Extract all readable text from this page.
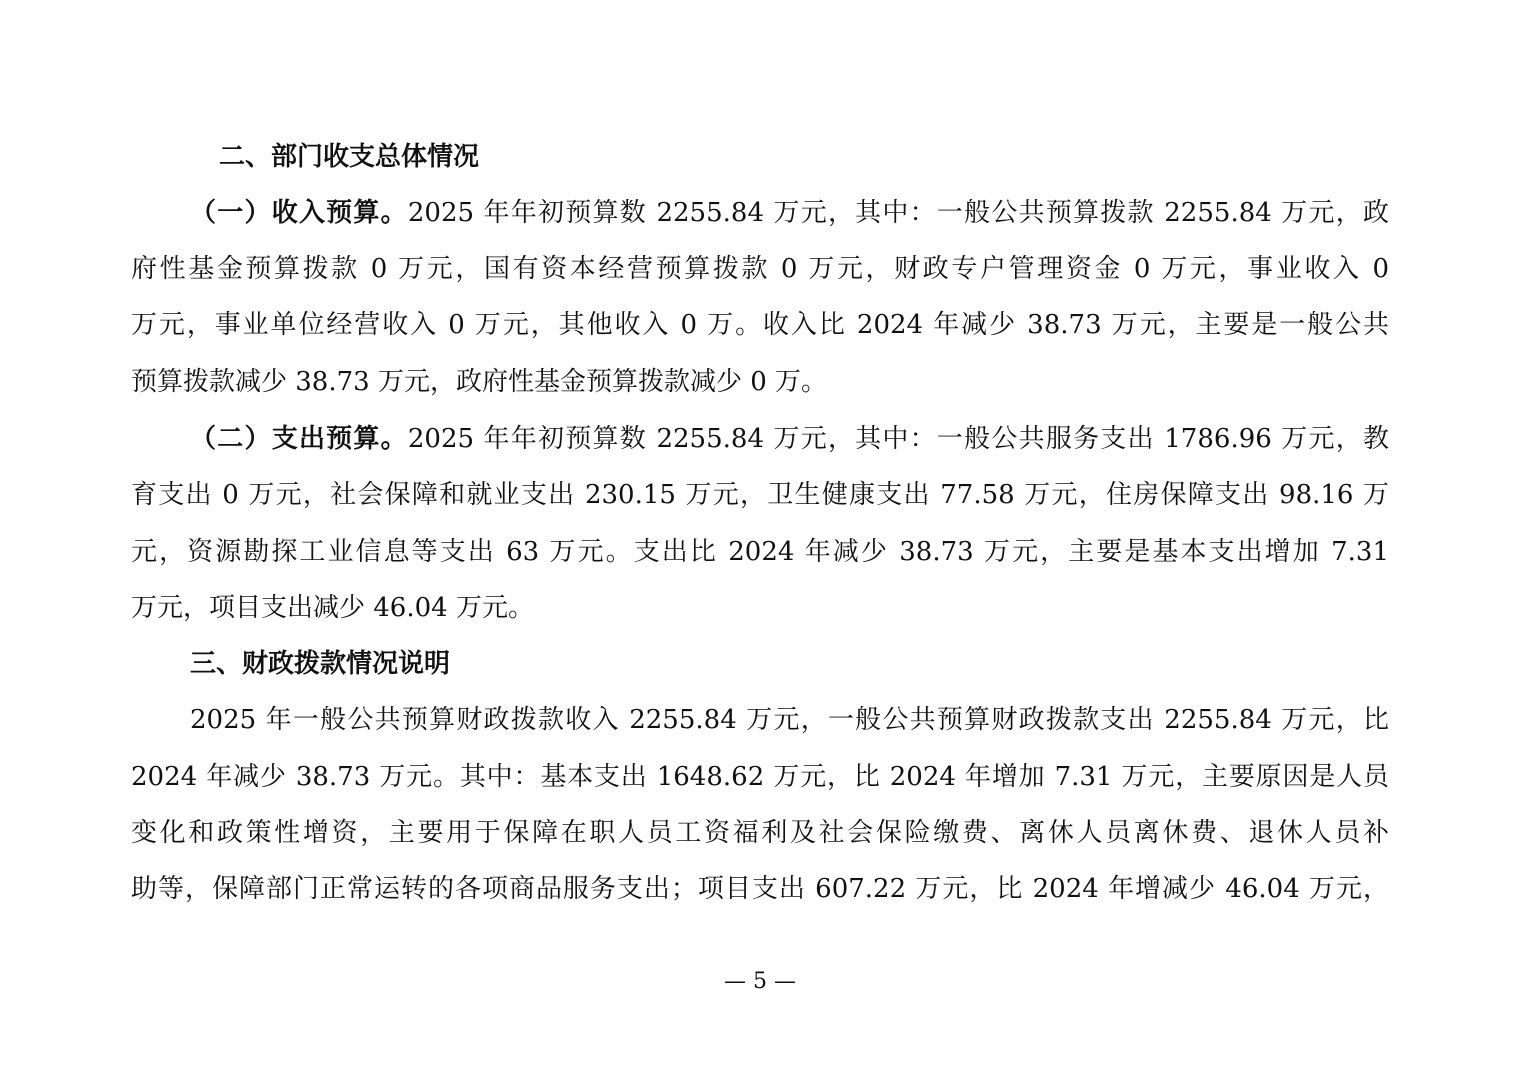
二、部门收支总体情况
（一）收入预算。2025 年年初预算数 2255.84 万元，其中：一般公共预算拨款 2255.84 万元，政
府性基金预算拨款 0 万元，国有资本经营预算拨款 0 万元，财政专户管理资金 0 万元，事业收入 0
万元，事业单位经营收入 0 万元，其他收入 0 万。收入比 2024 年减少 38.73 万元，主要是一般公共
预算拨款减少 38.73 万元，政府性基金预算拨款减少 0 万。
（二）支出预算。2025 年年初预算数 2255.84 万元，其中：一般公共服务支出 1786.96 万元，教
育支出 0 万元，社会保障和就业支出 230.15 万元，卫生健康支出 77.58 万元，住房保障支出 98.16 万
元，资源勘探工业信息等支出 63 万元。支出比 2024 年减少 38.73 万元，主要是基本支出增加 7.31
万元，项目支出减少 46.04 万元。
三、财政拨款情况说明
2025 年一般公共预算财政拨款收入 2255.84 万元，一般公共预算财政拨款支出 2255.84 万元，比
2024 年减少 38.73 万元。其中：基本支出 1648.62 万元，比 2024 年增加 7.31 万元，主要原因是人员
变化和政策性增资，主要用于保障在职人员工资福利及社会保险缴费、离休人员离休费、退休人员补
助等，保障部门正常运转的各项商品服务支出；项目支出 607.22 万元，比 2024 年增减少 46.04 万元，
— 5 —
